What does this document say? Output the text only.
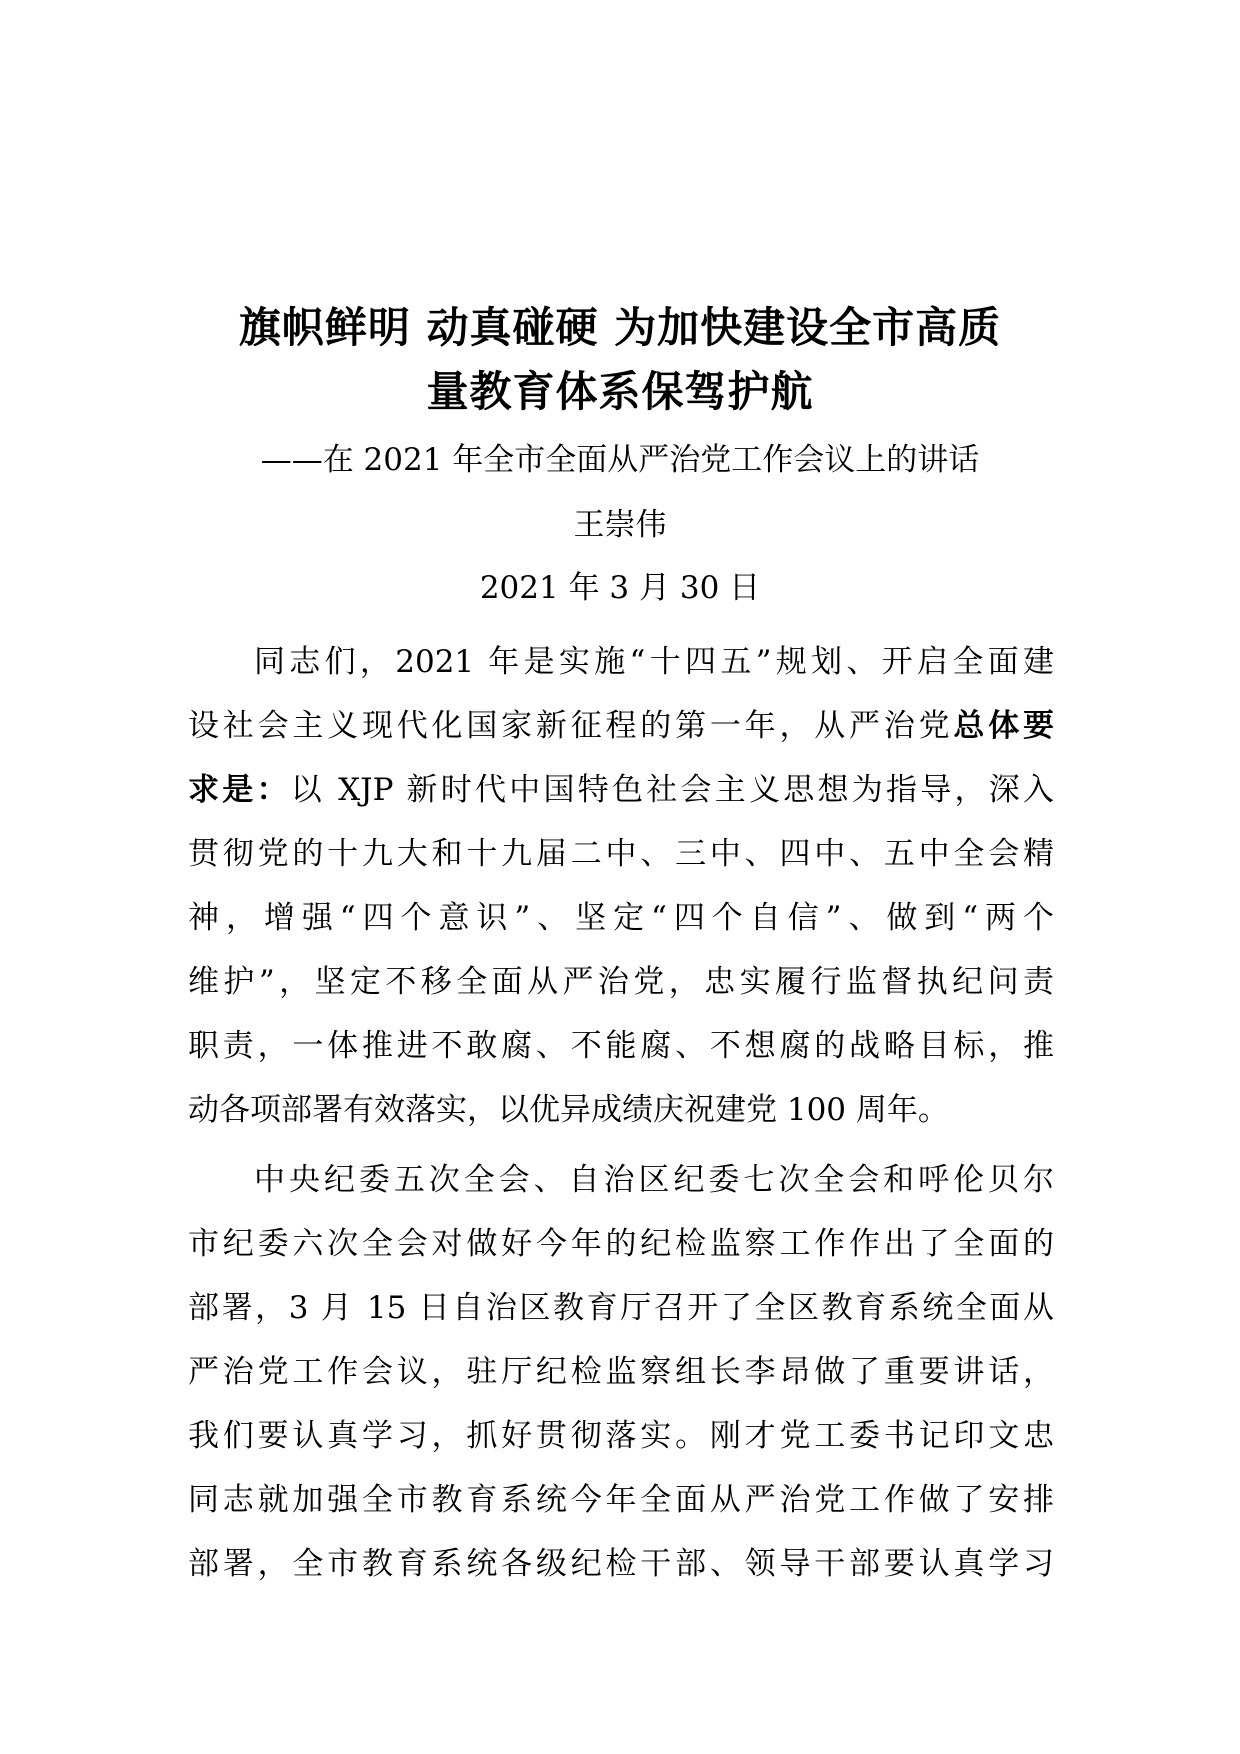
旗帜鲜明 动真碰硬 为加快建设全市高质
量教育体系保驾护航
——在 2021 年全市全面从严治党工作会议上的讲话
王崇伟
2021 年 3 月 30 日
同志们，2021 年是实施“十四五”规划、开启全面建
设社会主义现代化国家新征程的第一年，从严治党总体要
求是：以 XJP 新时代中国特色社会主义思想为指导，深入
贯彻党的十九大和十九届二中、三中、四中、五中全会精
神，增强“四个意识”、坚定“四个自信”、做到“两个
维护”，坚定不移全面从严治党，忠实履行监督执纪问责
职责，一体推进不敢腐、不能腐、不想腐的战略目标，推
动各项部署有效落实，以优异成绩庆祝建党 100 周年。
中央纪委五次全会、自治区纪委七次全会和呼伦贝尔
市纪委六次全会对做好今年的纪检监察工作作出了全面的
部署，3 月 15 日自治区教育厅召开了全区教育系统全面从
严治党工作会议，驻厅纪检监察组长李昂做了重要讲话，
我们要认真学习，抓好贯彻落实。刚才党工委书记印文忠
同志就加强全市教育系统今年全面从严治党工作做了安排
部署，全市教育系统各级纪检干部、领导干部要认真学习
